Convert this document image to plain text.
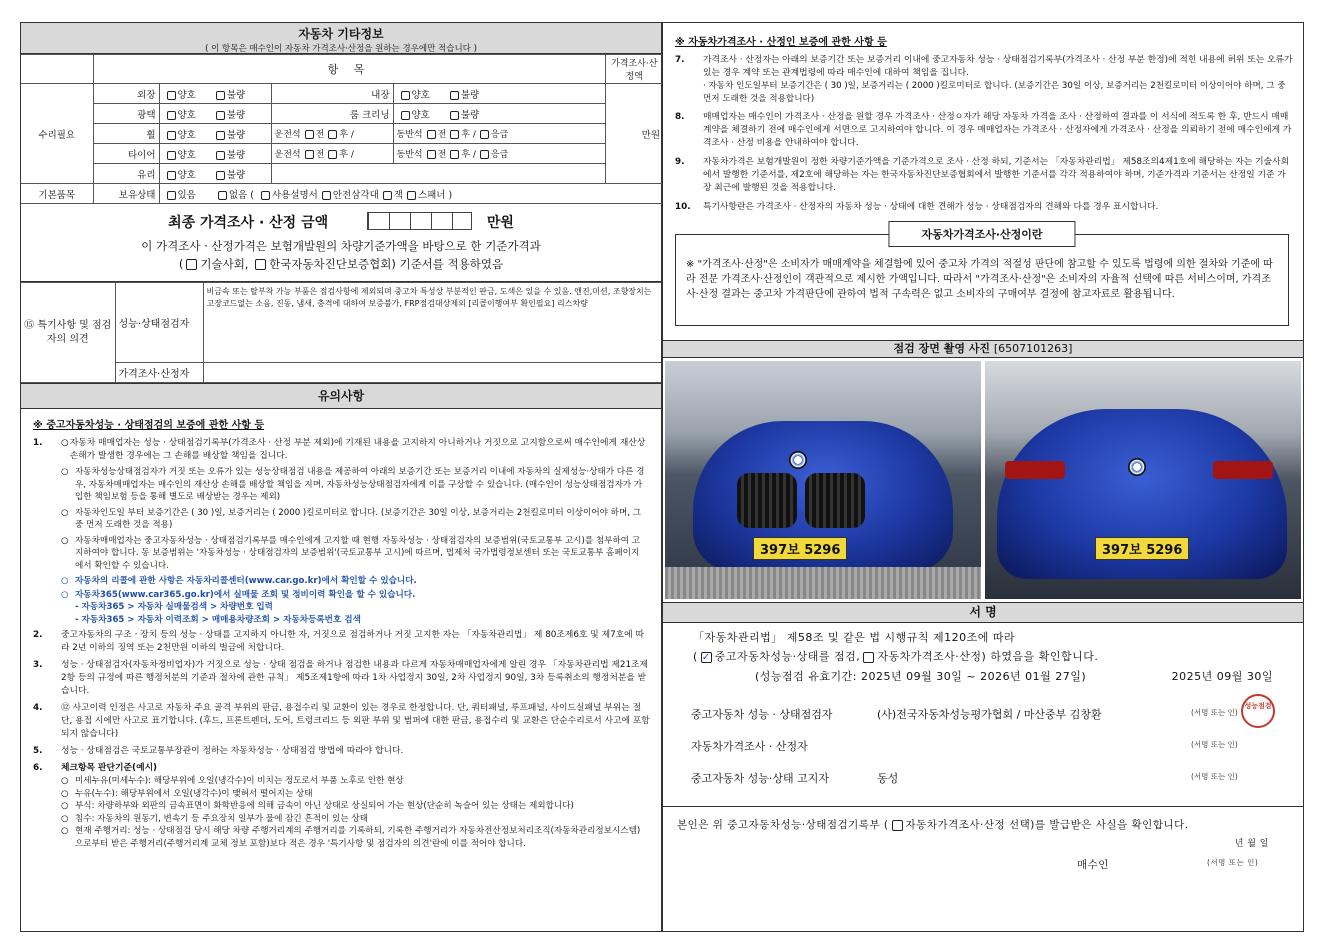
자동차 기타정보
( 이 항목은 매수인이 자동차 가격조사·산정을 원하는 경우에만 적습니다 )
	항 목				가격조사·산정액
수리필요	외장	양호 불량	내장	양호 불량	만원
	광택	양호 불량	룸 크리닝	양호 불량	
	휠	양호 불량	운전석 전 후 /	동반석 전 후 / 응급	
	타이어	양호 불량	운전석 전 후 /	동반석 전 후 / 응급	
	유리	양호 불량			
기본품목	보유상태	있음 없음 ( 사용설명서 안전삼각대 잭 스패너 )			
최종 가격조사 · 산정 금액	만원
이 가격조사 · 산정가격은 보험개발원의 차량기준가액을 바탕으로 한 기준가격과
( 기술사회, 한국자동차진단보증협회) 기준서를 적용하였음
⑮ 특기사항 및 점검자의 의견	성능·상태점검자	비금속 또는 탈부착 가능 부품은 점검사항에 제외되며 중고차 특성상 부분적인 판금, 도색은 있을 수 있음. 엔진,미션, 조향장치는 고장코드없는 소음, 진동, 냄새, 충격에 대하여 보증불가, FRP점검대상제외 [리콜이행여부 확인필요] 리스차량
	가격조사·산정자	
유의사항
※ 중고자동차성능 · 상태점검의 보증에 관한 사항 등
1.	○ 자동차 매매업자는 성능 · 상태점검기록부(가격조사 · 산정 부분 제외)에 기재된 내용을 고지하지 아니하거나 거짓으로 고지함으로써 매수인에게 재산상 손해가 발생한 경우에는 그 손해를 배상할 책임을 집니다.
○ 자동차성능상태점검자가 거짓 또는 오류가 있는 성능상태점검 내용을 제공하여 아래의 보증기간 또는 보증거리 이내에 자동차의 실제성능·상태가 다른 경우, 자동차매매업자는 매수인의 재산상 손해를 배상할 책임을 지며, 자동차성능상태점검자에게 이를 구상할 수 있습니다. (매수인이 성능상태점검자가 가입한 책임보험 등을 통해 별도로 배상받는 경우는 제외)
○ 자동차인도일 부터 보증기간은 ( 30 )일, 보증거리는 ( 2000 )킬로미터로 합니다. (보증기간은 30일 이상, 보증거리는 2천킬로미터 이상이어야 하며, 그 중 먼저 도래한 것을 적용)
○ 자동차매매업자는 중고자동차성능 · 상태점검기록부를 매수인에게 고지할 때 현행 자동차성능 · 상태점검자의 보증범위(국토교통부 고시)를 첨부하여 고지하여야 합니다. 동 보증범위는 '자동차성능 · 상태점검자의 보증범위'(국토교통부 고시)에 따르며, 법제처 국가법령정보센터 또는 국토교통부 홈페이지에서 확인할 수 있습니다.
○ 자동차의 리콜에 관한 사항은 자동차리콜센터(www.car.go.kr)에서 확인할 수 있습니다.
○ 자동차365(www.car365.go.kr)에서 실매물 조회 및 정비이력 확인을 할 수 있습니다.
- 자동차365 > 자동차 실매물검색 > 차량번호 입력
- 자동차365 > 자동차 이력조회 > 매매용차량조회 > 자동차등록번호 검색
2.	중고자동차의 구조 · 장치 등의 성능 · 상태를 고지하지 아니한 자, 거짓으로 점검하거나 거짓 고지한 자는 「자동차관리법」 제 80조제6호 및 제7호에 따라 2년 이하의 징역 또는 2천만원 이하의 벌금에 처합니다.
3.	성능 · 상태점검자(자동차정비업자)가 거짓으로 성능 · 상태 점검을 하거나 점검한 내용과 다르게 자동차매매업자에게 알린 경우 「자동차관리법 제21조제2항 등의 규정에 따른 행정처분의 기준과 절차에 관한 규칙」 제5조제1항에 따라 1차 사업정지 30일, 2차 사업정지 90일, 3차 등록취소의 행정처분을 받습니다.
4.	⑫ 사고이력 인정은 사고로 자동차 주요 골격 부위의 판금, 용접수리 및 교환이 있는 경우로 한정합니다. 단, 쿼터패널, 루프패널, 사이드실패널 부위는 절단, 용접 시에만 사고로 표기합니다. (후드, 프론트펜더, 도어, 트렁크리드 등 외판 부위 및 범퍼에 대한 판금, 용접수리 및 교환은 단순수리로서 사고에 포함되지 않습니다)
5.	성능 · 상태점검은 국토교통부장관이 정하는 자동차성능 · 상태점검 방법에 따라야 합니다.
6.	체크항목 판단기준(예시)
○ 미세누유(미세누수): 해당부위에 오일(냉각수)이 비치는 정도로서 부품 노후로 인한 현상
○ 누유(누수): 해당부위에서 오일(냉각수)이 맺혀서 떨어지는 상태
○ 부식: 차량하부와 외판의 금속표면이 화학반응에 의해 금속이 아닌 상태로 상실되어 가는 현상(단순히 녹슬어 있는 상태는 제외합니다)
○ 침수: 자동차의 원동기, 변속기 등 주요장치 일부가 물에 잠긴 흔적이 있는 상태
○ 현재 주행거리: 성능 · 상태점검 당시 해당 차량 주행거리계의 주행거리를 기록하되, 기록한 주행거리가 자동차전산정보처리조직(자동차관리정보시스템)으로부터 받은 주행거리(주행거리계 교체 정보 포함)보다 적은 경우 '특기사항 및 점검자의 의견'란에 이를 적어야 합니다.
※ 자동차가격조사 · 산정인 보증에 관한 사항 등
7.	가격조사 · 산정자는 아래의 보증기간 또는 보증거리 이내에 중고자동차 성능 · 상태점검기록부(가격조사 · 산정 부분 한정)에 적힌 내용에 허위 또는 오류가 있는 경우 계약 또는 관계법령에 따라 매수인에 대하여 책임을 집니다.
· 자동차 인도일부터 보증기간은 ( 30 )일, 보증거리는 ( 2000 )킬로미터로 합니다. (보증기간은 30일 이상, 보증거리는 2천킬로미터 이상이어야 하며, 그 중 먼저 도래한 것을 적용합니다)
8.	매매업자는 매수인이 가격조사 · 산정을 원할 경우 가격조사 · 산정ㅇ자가 해당 자동차 가격을 조사 · 산정하여 결과를 이 서식에 적도록 한 후, 반드시 매매계약을 체결하기 전에 매수인에게 서면으로 고지하여야 합니다. 이 경우 매매업자는 가격조사 · 산정자에게 가격조사 · 산정을 의뢰하기 전에 매수인에게 가격조사 · 산정 비용을 안내하여야 합니다.
9.	자동차가격은 보험개발원이 정한 차량기준가액을 기준가격으로 조사 · 산정 하되, 기준서는 「자동차관리법」 제58조의4제1호에 해당하는 자는 기술사회에서 발행한 기준서를, 제2호에 해당하는 자는 한국자동차진단보증협회에서 발행한 기준서를 각각 적용하여야 하며, 기준가격과 기준서는 산정일 기준 가장 최근에 발행된 것을 적용합니다.
10.	특기사항란은 가격조사 · 산정자의 자동차 성능 · 상태에 대한 견해가 성능 · 상태점검자의 견해와 다를 경우 표시합니다.
자동차가격조사·산정이란
※ "가격조사·산정"은 소비자가 매매계약을 체결함에 있어 중고차 가격의 적절성 판단에 참고할 수 있도록 법령에 의한 절차와 기준에 따라 전문 가격조사·산정인이 객관적으로 제시한 가액입니다. 따라서 "가격조사·산정"은 소비자의 자율적 선택에 따른 서비스이며, 가격조사·산정 결과는 중고차 가격판단에 관하여 법적 구속력은 없고 소비자의 구매여부 결정에 참고자료로 활용됩니다.
점검 장면 촬영 사진 [6507101263]
397보 5296	397보 5296
서 명
「자동차관리법」 제58조 및 같은 법 시행규칙 제120조에 따라
( ✓ 중고자동차성능·상태를 점검, 자동차가격조사·산정) 하였음을 확인합니다.
(성능점검 유효기간: 2025년 09월 30일 ~ 2026년 01월 27일)	2025년 09월 30일
중고자동차 성능 · 상태점검자	(사)전국자동차성능평가협회 / 마산중부 김창환	(서명 또는 인)
성능점검
자동차가격조사 · 산정자	(서명 또는 인)
중고자동차 성능·상태 고지자	동성	(서명 또는 인)
본인은 위 중고자동차성능·상태점검기록부 ( 자동차가격조사·산정 선택)를 발급받은 사실을 확인합니다.
년 월 일
매수인	(서명 또는 인)
